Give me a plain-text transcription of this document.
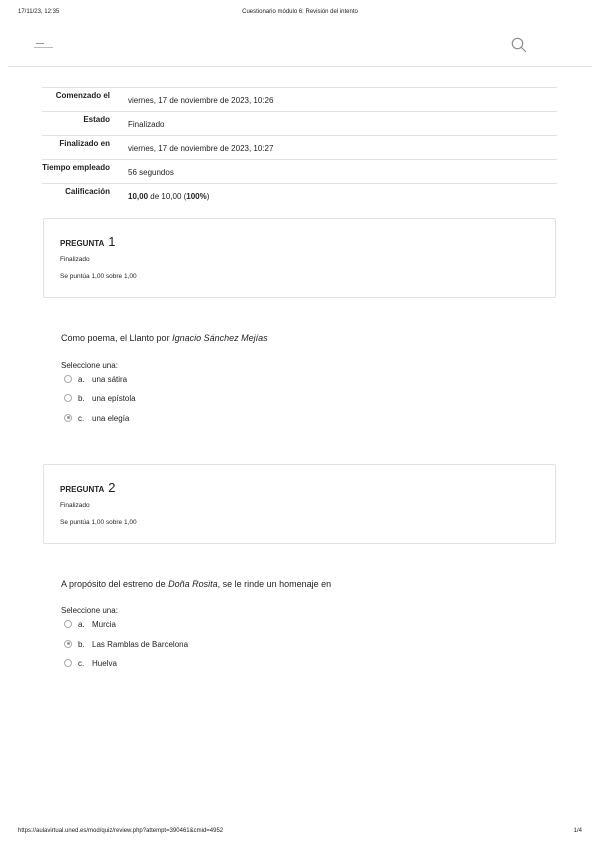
17/11/23, 12:35	Cuestionario módulo 6: Revisión del intento
Comenzado el	viernes, 17 de noviembre de 2023, 10:26
Estado	Finalizado
Finalizado en	viernes, 17 de noviembre de 2023, 10:27
Tiempo empleado	56 segundos
Calificación	10,00 de 10,00 (100%)
PREGUNTA 1
Finalizado
Se puntúa 1,00 sobre 1,00
Como poema, el Llanto por Ignacio Sánchez Mejías
Seleccione una:
a. una sátira
b. una epístola
c. una elegía
PREGUNTA 2
Finalizado
Se puntúa 1,00 sobre 1,00
A propósito del estreno de Doña Rosita, se le rinde un homenaje en
Seleccione una:
a. Murcia
b. Las Ramblas de Barcelona
c. Huelva
https://aulavirtual.uned.es/mod/quiz/review.php?attempt=390461&cmid=4952	1/4
